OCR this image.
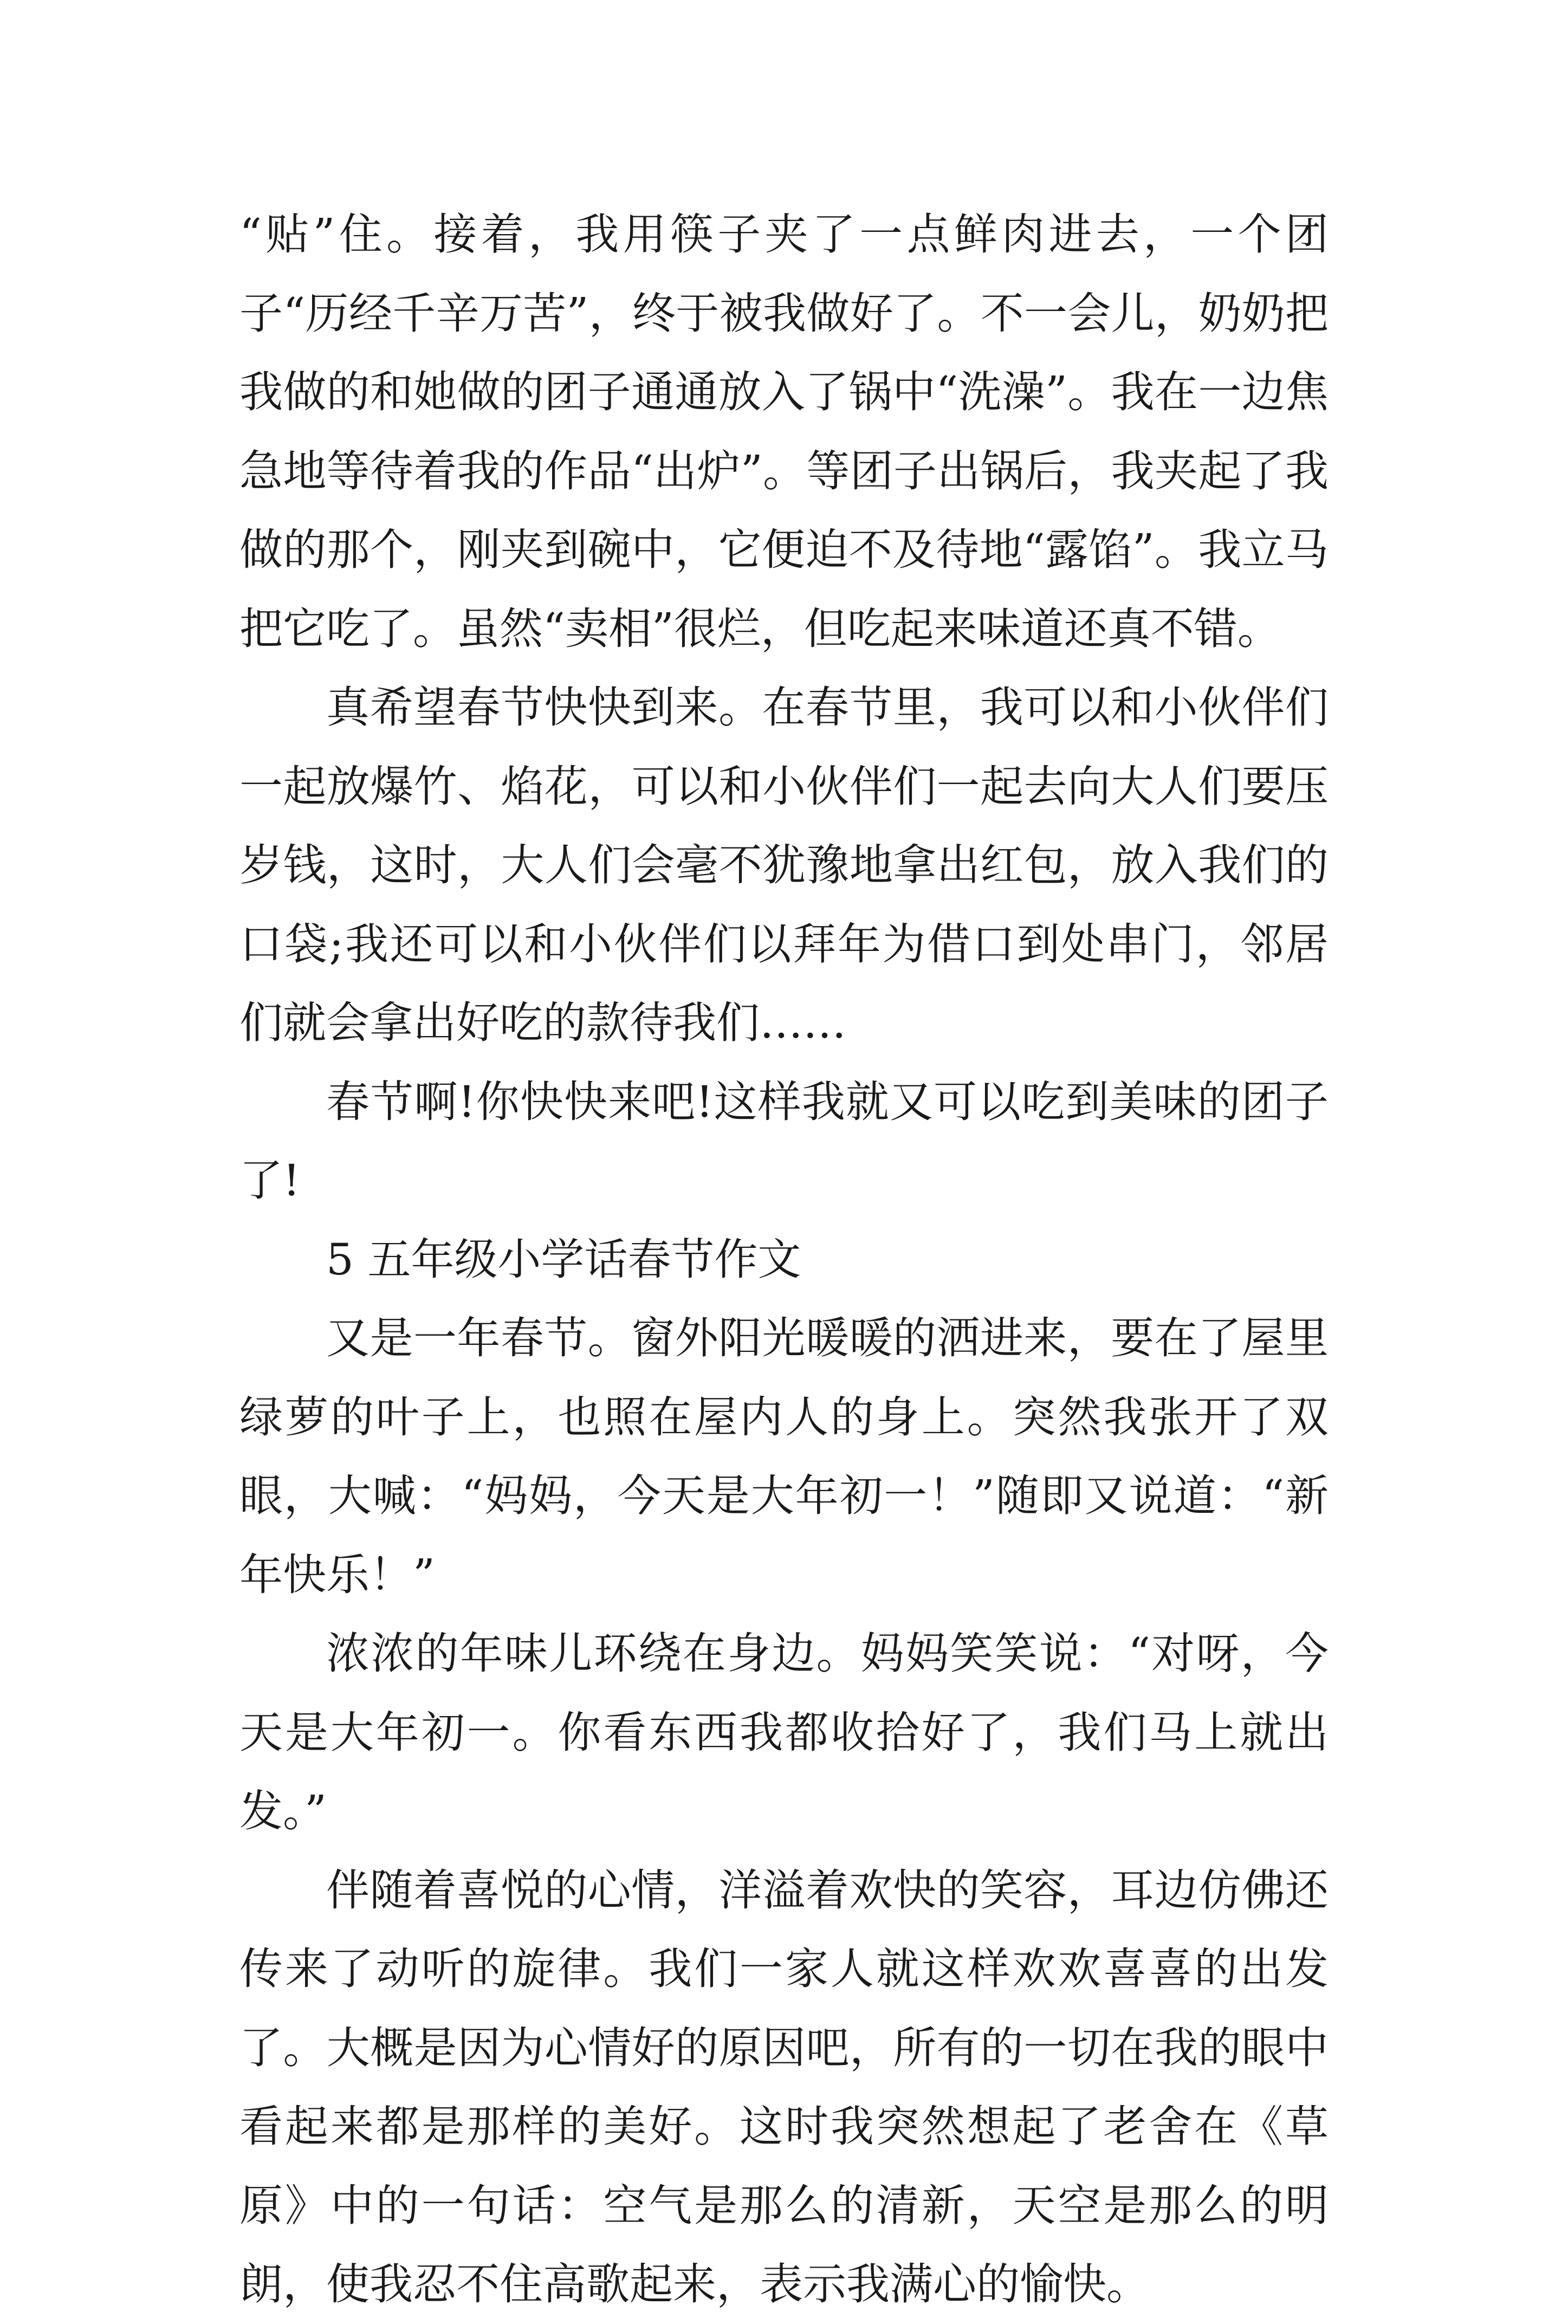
“贴”住。接着，我用筷子夹了一点鲜肉进去，一个团子“历经千辛万苦”，终于被我做好了。不一会儿，奶奶把我做的和她做的团子通通放入了锅中“洗澡”。我在一边焦急地等待着我的作品“出炉”。等团子出锅后，我夹起了我做的那个，刚夹到碗中，它便迫不及待地“露馅”。我立马把它吃了。虽然“卖相”很烂，但吃起来味道还真不错。

真希望春节快快到来。在春节里，我可以和小伙伴们一起放爆竹、焰花，可以和小伙伴们一起去向大人们要压岁钱，这时，大人们会毫不犹豫地拿出红包，放入我们的口袋;我还可以和小伙伴们以拜年为借口到处串门，邻居们就会拿出好吃的款待我们……

春节啊!你快快来吧!这样我就又可以吃到美味的团子了!

5 五年级小学话春节作文

又是一年春节。窗外阳光暖暖的洒进来，要在了屋里绿萝的叶子上，也照在屋内人的身上。突然我张开了双眼，大喊：“妈妈，今天是大年初一！”随即又说道：“新年快乐！”

浓浓的年味儿环绕在身边。妈妈笑笑说：“对呀，今天是大年初一。你看东西我都收拾好了，我们马上就出发。”

伴随着喜悦的心情，洋溢着欢快的笑容，耳边仿佛还传来了动听的旋律。我们一家人就这样欢欢喜喜的出发了。大概是因为心情好的原因吧，所有的一切在我的眼中看起来都是那样的美好。这时我突然想起了老舍在《草原》中的一句话：空气是那么的清新，天空是那么的明朗，使我忍不住高歌起来，表示我满心的愉快。
